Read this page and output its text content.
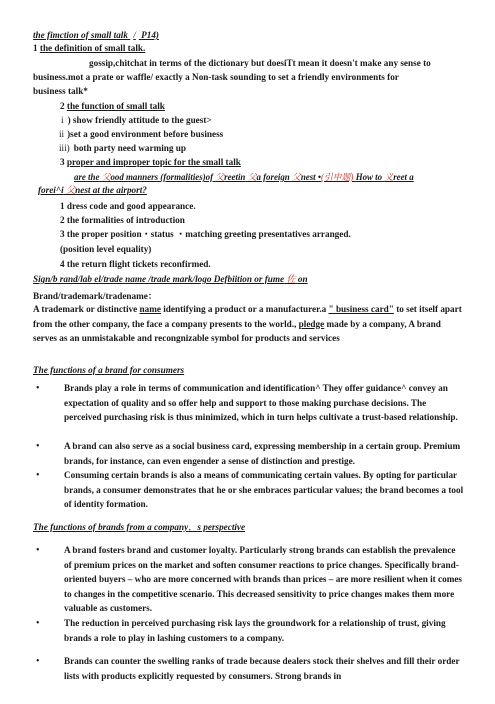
the fimction of small talk / P14)
1 the definition of small talk.
gossip,chitchat in terms of the dictionary but doesiTt mean it doesn't make any sense to
business.mot a prate or waffle/ exactly a Non-task sounding to set a friendly environments for
business talk*
2 the function of small talk
i ) show friendly attitude to the guest>
ii )set a good environment before business
iii) both party need warming up
3 proper and improper topic for the small talk
are the 父ood manners (formalities)of 父reetin 父a foreign 父nest •(引申题) How to 义reet a
forei^i 父nest at the airport?
1 dress code and good appearance.
2 the formalities of introduction
3 the proper position・status ・matching greeting presentatives arranged.
(position level equality)
4 the return flight tickets reconfirmed.
Sign/b rand/lab el/trade name /trade mark/logo Defbiition or fume 佐 on
Brand/trademark/tradename：
A trademark or distinctive name identifying a product or a manufacturer.a " business card" to set itself apart from the other company, the face a company presents to the world., pledge made by a company, A brand serves as an unmistakable and recongnizable symbol for products and services
The functions of a brand for consumers
•	Brands play a role in terms of communication and identification^ They offer guidance^ convey an expectation of quality and so offer help and support to those making purchase decisions. The perceived purchasing risk is thus minimized, which in turn helps cultivate a trust-based relationship.
•	A brand can also serve as a social business card, expressing membership in a certain group. Premium brands, for instance, can even engender a sense of distinction and prestige.
•	Consuming certain brands is also a means of communicating certain values. By opting for particular brands, a consumer demonstrates that he or she embraces particular values; the brand becomes a tool of identity formation.
The functions of brands from a company，s perspective
•	A brand fosters brand and customer loyalty. Particularly strong brands can establish the prevalence of premium prices on the market and soften consumer reactions to price changes. Specifically brand-oriented buyers – who are more concerned with brands than prices – are more resilient when it comes to changes in the competitive scenario. This decreased sensitivity to price changes makes them more valuable as customers.
•	The reduction in perceived purchasing risk lays the groundwork for a relationship of trust, giving brands a role to play in lashing customers to a company.
•	Brands can counter the swelling ranks of trade because dealers stock their shelves and fill their order lists with products explicitly requested by consumers. Strong brands in
